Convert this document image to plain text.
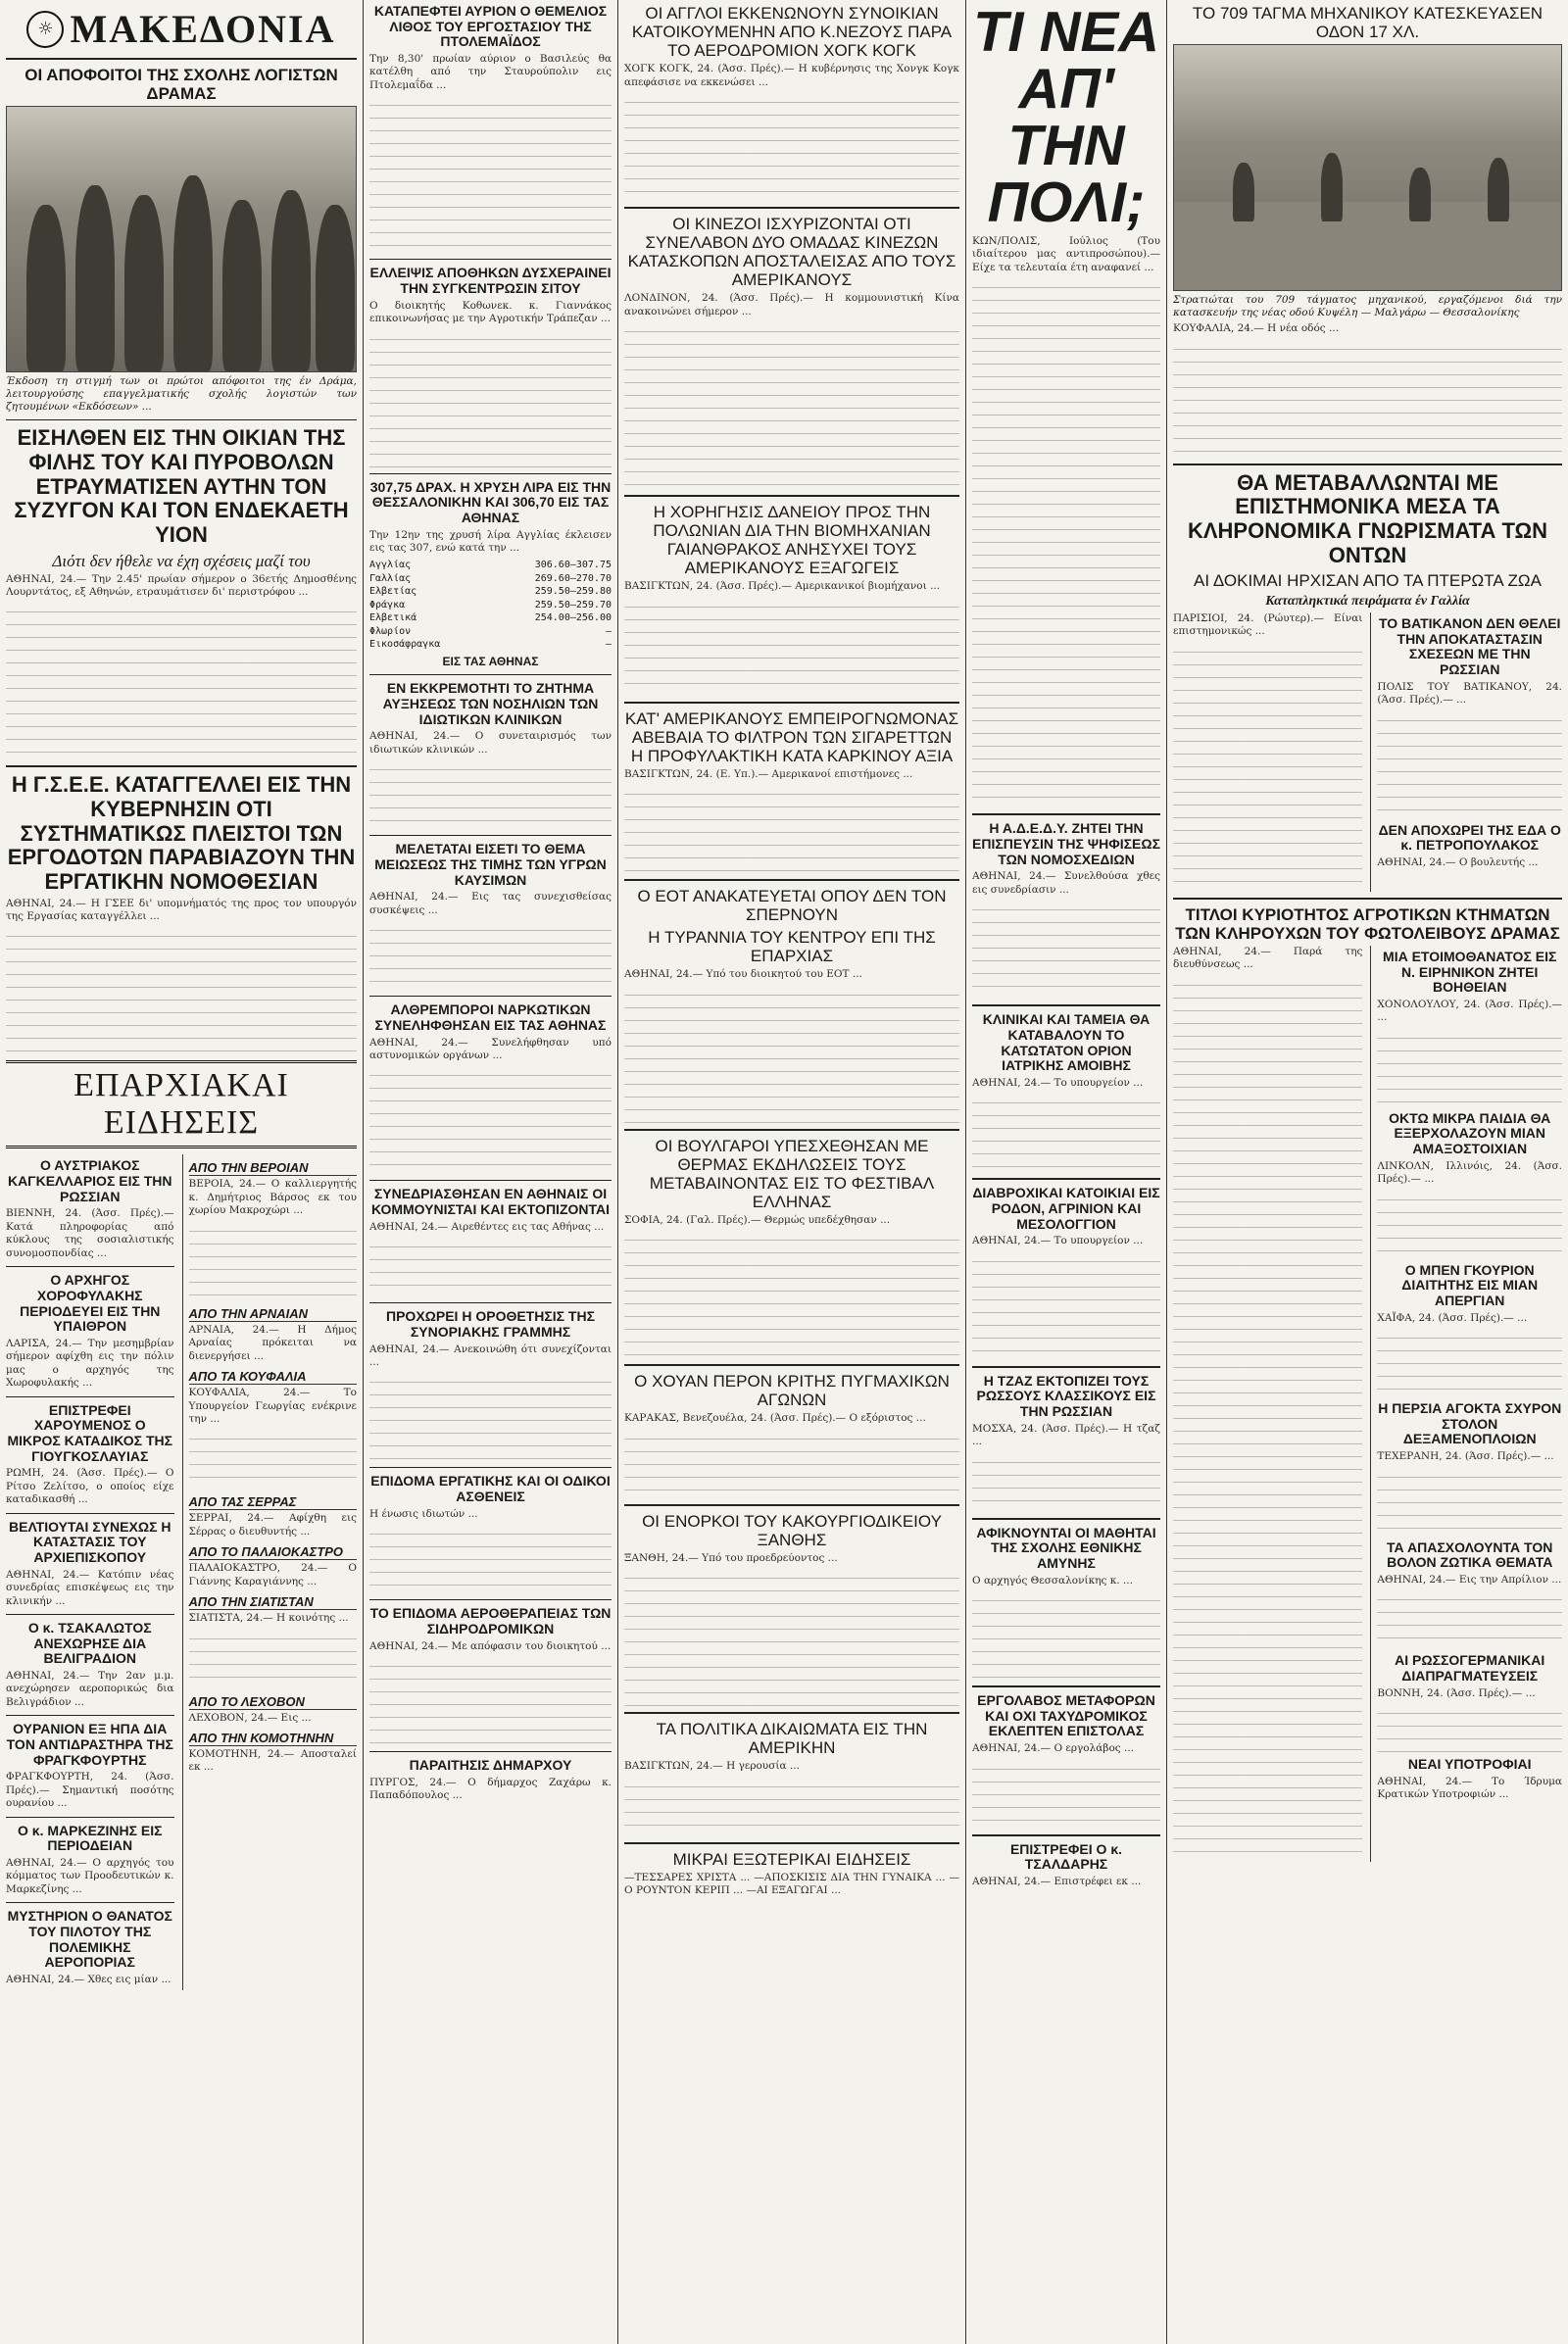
☼ ΜΑΚΕΔΟΝΙΑ
ΟΙ ΑΠΟΦΟΙΤΟΙ ΤΗΣ ΣΧΟΛΗΣ ΛΟΓΙΣΤΩΝ ΔΡΑΜΑΣ

Έκδοση τη στιγμή των οι πρώτοι απόφοιτοι της έν Δράμα, λειτουργούσης επαγγελματικής σχολής λογιστών των ζητουμένων «Εκδόσεων» ...

ΕΙΣΗΛΘΕΝ ΕΙΣ ΤΗΝ ΟΙΚΙΑΝ ΤΗΣ ΦΙΛΗΣ ΤΟΥ ΚΑΙ ΠΥΡΟΒΟΛΩΝ ΕΤΡΑΥΜΑΤΙΣΕΝ ΑΥΤΗΝ ΤΟΝ ΣΥΖΥΓΟΝ ΚΑΙ ΤΟΝ ΕΝΔΕΚΑΕΤΗ ΥΙΟΝ
Διότι δεν ήθελε να έχη σχέσεις μαζί του

ΑΘΗΝΑΙ, 24.— Την 2.45' πρωίαν σήμερον ο 36ετής Δημοσθένης Λουρντάτος, εξ Αθηνών, ετραυμάτισεν δι' περιστρόφου ...

Η Γ.Σ.Ε.Ε. ΚΑΤΑΓΓΕΛΛΕΙ ΕΙΣ ΤΗΝ ΚΥΒΕΡΝΗΣΙΝ ΟΤΙ ΣΥΣΤΗΜΑΤΙΚΩΣ ΠΛΕΙΣΤΟΙ ΤΩΝ ΕΡΓΟΔΟΤΩΝ ΠΑΡΑΒΙΑΖΟΥΝ ΤΗΝ ΕΡΓΑΤΙΚΗΝ ΝΟΜΟΘΕΣΙΑΝ

ΑΘΗΝΑΙ, 24.— Η ΓΣΕΕ δι' υπομνήματός της προς τον υπουργόν της Εργασίας καταγγέλλει ...

ΕΠΑΡΧΙΑΚΑΙ ΕΙΔΗΣΕΙΣ
Ο ΑΥΣΤΡΙΑΚΟΣ ΚΑΓΚΕΛΛΑΡΙΟΣ ΕΙΣ ΤΗΝ ΡΩΣΣΙΑΝ

ΒΙΕΝΝΗ, 24. (Άσσ. Πρές).— Κατά πληροφορίας από κύκλους της σοσιαλιστικής συνομοσπονδίας ...

Ο ΑΡΧΗΓΟΣ ΧΟΡΟΦΥΛΑΚΗΣ ΠΕΡΙΟΔΕΥΕΙ ΕΙΣ ΤΗΝ ΥΠΑΙΘΡΟΝ

ΛΑΡΙΣΑ, 24.— Την μεσημβρίαν σήμερον αφίχθη εις την πόλιν μας ο αρχηγός της Χωροφυλακής ...

ΕΠΙΣΤΡΕΦΕΙ ΧΑΡΟΥΜΕΝΟΣ Ο ΜΙΚΡΟΣ ΚΑΤΑΔΙΚΟΣ ΤΗΣ ΓΙΟΥΓΚΟΣΛΑΥΙΑΣ

ΡΩΜΗ, 24. (Άσσ. Πρές).— Ο Ρίτσο Ζελίτσο, ο οποίος είχε καταδικασθή ...

ΒΕΛΤΙΟΥΤΑΙ ΣΥΝΕΧΩΣ Η ΚΑΤΑΣΤΑΣΙΣ ΤΟΥ ΑΡΧΙΕΠΙΣΚΟΠΟΥ

ΑΘΗΝΑΙ, 24.— Κατόπιν νέας συνεδρίας επισκέψεως εις την κλινικήν ...

Ο κ. ΤΣΑΚΑΛΩΤΟΣ ΑΝΕΧΩΡΗΣΕ ΔΙΑ ΒΕΛΙΓΡΑΔΙΟΝ

ΑΘΗΝΑΙ, 24.— Την 2αν μ.μ. ανεχώρησεν αεροπορικώς δια Βελιγράδιον ...

ΟΥΡΑΝΙΟΝ ΕΞ ΗΠΑ ΔΙΑ ΤΟΝ ΑΝΤΙΔΡΑΣΤΗΡΑ ΤΗΣ ΦΡΑΓΚΦΟΥΡΤΗΣ

ΦΡΑΓΚΦΟΥΡΤΗ, 24. (Άσσ. Πρές).— Σημαντική ποσότης ουρανίου ...

Ο κ. ΜΑΡΚΕΖΙΝΗΣ ΕΙΣ ΠΕΡΙΟΔΕΙΑΝ

ΑΘΗΝΑΙ, 24.— Ο αρχηγός του κόμματος των Προοδευτικών κ. Μαρκεζίνης ...

ΜΥΣΤΗΡΙΟΝ Ο ΘΑΝΑΤΟΣ ΤΟΥ ΠΙΛΟΤΟΥ ΤΗΣ ΠΟΛΕΜΙΚΗΣ ΑΕΡΟΠΟΡΙΑΣ

ΑΘΗΝΑΙ, 24.— Χθες εις μίαν ...

ΑΠΟ ΤΗΝ ΒΕΡΟΙΑΝ

ΒΕΡΟΙΑ, 24.— Ο καλλιεργητής κ. Δημήτριος Βάρσος εκ του χωρίου Μακροχώρι ...

ΑΠΟ ΤΗΝ ΑΡΝΑΙΑΝ

ΑΡΝΑΙΑ, 24.— Η Δήμος Αρναίας πρόκειται να διενεργήσει ...

ΑΠΟ ΤΑ ΚΟΥΦΑΛΙΑ

ΚΟΥΦΑΛΙΑ, 24.— Το Υπουργείον Γεωργίας ενέκρινε την ...

ΑΠΟ ΤΑΣ ΣΕΡΡΑΣ

ΣΕΡΡΑΙ, 24.— Αφίχθη εις Σέρρας ο διευθυντής ...

ΑΠΟ ΤΟ ΠΑΛΑΙΟΚΑΣΤΡΟ

ΠΑΛΑΙΟΚΑΣΤΡΟ, 24.— Ο Γιάννης Καραγιάννης ...

ΑΠΟ ΤΗΝ ΣΙΑΤΙΣΤΑΝ

ΣΙΑΤΙΣΤΑ, 24.— Η κοινότης ...

ΑΠΟ ΤΟ ΛΕΧΟΒΟΝ

ΛΕΧΟΒΟΝ, 24.— Εις ...

ΑΠΟ ΤΗΝ ΚΟΜΟΤΗΝΗΝ

ΚΟΜΟΤΗΝΗ, 24.— Αποσταλεί εκ ...

ΚΑΤΑΠΕΦΤΕΙ ΑΥΡΙΟΝ Ο ΘΕΜΕΛΙΟΣ ΛΙΘΟΣ ΤΟΥ ΕΡΓΟΣΤΑΣΙΟΥ ΤΗΣ ΠΤΟΛΕΜΑΪΔΟΣ

Την 8,30' πρωίαν αύριον ο Βασιλεύς θα κατέλθη από την Σταυρούπολιν εις Πτολεμαΐδα ...

ΕΛΛΕΙΨΙΣ ΑΠΟΘΗΚΩΝ ΔΥΣΧΕΡΑΙΝΕΙ ΤΗΝ ΣΥΓΚΕΝΤΡΩΣΙΝ ΣΙΤΟΥ

Ο διοικητής Κοθωνεκ. κ. Γιαννάκος επικοινωνήσας με την Αγροτικήν Τράπεζαν ...

307,75 ΔΡΑΧ. Η ΧΡΥΣΗ ΛΙΡΑ ΕΙΣ ΤΗΝ ΘΕΣΣΑΛΟΝΙΚΗΝ ΚΑΙ 306,70 ΕΙΣ ΤΑΣ ΑΘΗΝΑΣ

Την 12ην της χρυσή λίρα Αγγλίας έκλεισεν εις τας 307, ενώ κατά την ...

Αγγλίας	306.60—307.75
Γαλλίας	269.60—270.70
Ελβετίας	259.50—259.80
Φράγκα	259.50—259.70
Ελβετικά	254.00—256.00
Φλωρίον	—
Εικοσάφραγκα	—
ΕΙΣ ΤΑΣ ΑΘΗΝΑΣ
ΕΝ ΕΚΚΡΕΜΟΤΗΤΙ ΤΟ ΖΗΤΗΜΑ ΑΥΞΗΣΕΩΣ ΤΩΝ ΝΟΣΗΛΙΩΝ ΤΩΝ ΙΔΙΩΤΙΚΩΝ ΚΛΙΝΙΚΩΝ

ΑΘΗΝΑΙ, 24.— Ο συνεταιρισμός των ιδιωτικών κλινικών ...

ΜΕΛΕΤΑΤΑΙ ΕΙΣΕΤΙ ΤΟ ΘΕΜΑ ΜΕΙΩΣΕΩΣ ΤΗΣ ΤΙΜΗΣ ΤΩΝ ΥΓΡΩΝ ΚΑΥΣΙΜΩΝ

ΑΘΗΝΑΙ, 24.— Εις τας συνεχισθείσας συσκέψεις ...

ΑΛΘΡΕΜΠΟΡΟΙ ΝΑΡΚΩΤΙΚΩΝ ΣΥΝΕΛΗΦΘΗΣΑΝ ΕΙΣ ΤΑΣ ΑΘΗΝΑΣ

ΑΘΗΝΑΙ, 24.— Συνελήφθησαν υπό αστυνομικών οργάνων ...

ΣΥΝΕΔΡΙΑΣΘΗΣΑΝ ΕΝ ΑΘΗΝΑΙΣ ΟΙ ΚΟΜΜΟΥΝΙΣΤΑΙ ΚΑΙ ΕΚΤΟΠΙΖΟΝΤΑΙ

ΑΘΗΝΑΙ, 24.— Αιρεθέντες εις τας Αθήνας ...

ΠΡΟΧΩΡΕΙ Η ΟΡΟΘΕΤΗΣΙΣ ΤΗΣ ΣΥΝΟΡΙΑΚΗΣ ΓΡΑΜΜΗΣ

ΑΘΗΝΑΙ, 24.— Ανεκοινώθη ότι συνεχίζονται ...

ΕΠΙΔΟΜΑ ΕΡΓΑΤΙΚΗΣ ΚΑΙ ΟΙ ΟΔΙΚΟΙ ΑΣΘΕΝΕΙΣ

Η ένωσις ιδιωτών ...

ΤΟ ΕΠΙΔΟΜΑ ΑΕΡΟΘΕΡΑΠΕΙΑΣ ΤΩΝ ΣΙΔΗΡΟΔΡΟΜΙΚΩΝ

ΑΘΗΝΑΙ, 24.— Με απόφασιν του διοικητού ...

ΠΑΡΑΙΤΗΣΙΣ ΔΗΜΑΡΧΟΥ

ΠΥΡΓΟΣ, 24.— Ο δήμαρχος Ζαχάρω κ. Παπαδόπουλος ...

ΟΙ ΑΓΓΛΟΙ ΕΚΚΕΝΩΝΟΥΝ ΣΥΝΟΙΚΙΑΝ ΚΑΤΟΙΚΟΥΜΕΝΗΝ ΑΠΟ Κ.ΝΕΖΟΥΣ ΠΑΡΑ ΤΟ ΑΕΡΟΔΡΟΜΙΟΝ ΧΟΓΚ ΚΟΓΚ

ΧΟΓΚ ΚΟΓΚ, 24. (Άσσ. Πρές).— Η κυβέρνησις της Χονγκ Κογκ απεφάσισε να εκκενώσει ...

ΟΙ ΚΙΝΕΖΟΙ ΙΣΧΥΡΙΖΟΝΤΑΙ ΟΤΙ ΣΥΝΕΛΑΒΟΝ ΔΥΟ ΟΜΑΔΑΣ ΚΙΝΕΖΩΝ ΚΑΤΑΣΚΟΠΩΝ ΑΠΟΣΤΑΛΕΙΣΑΣ ΑΠΟ ΤΟΥΣ ΑΜΕΡΙΚΑΝΟΥΣ

ΛΟΝΔΙΝΟΝ, 24. (Άσσ. Πρές).— Η κομμουνιστική Κίνα ανακοινώνει σήμερον ...

Η ΧΟΡΗΓΗΣΙΣ ΔΑΝΕΙΟΥ ΠΡΟΣ ΤΗΝ ΠΟΛΩΝΙΑΝ ΔΙΑ ΤΗΝ ΒΙΟΜΗΧΑΝΙΑΝ ΓΑΙΑΝΘΡΑΚΟΣ ΑΝΗΣΥΧΕΙ ΤΟΥΣ ΑΜΕΡΙΚΑΝΟΥΣ ΕΞΑΓΩΓΕΙΣ

ΒΑΣΙΓΚΤΩΝ, 24. (Άσσ. Πρές).— Αμερικανικοί βιομήχανοι ...

ΚΑΤ' ΑΜΕΡΙΚΑΝΟΥΣ ΕΜΠΕΙΡΟΓΝΩΜΟΝΑΣ ΑΒΕΒΑΙΑ ΤΟ ΦΙΛΤΡΟΝ ΤΩΝ ΣΙΓΑΡΕΤΤΩΝ Η ΠΡΟΦΥΛΑΚΤΙΚΗ ΚΑΤΑ ΚΑΡΚΙΝΟΥ ΑΞΙΑ

ΒΑΣΙΓΚΤΩΝ, 24. (Ε. Υπ.).— Αμερικανοί επιστήμονες ...

Ο ΕΟΤ ΑΝΑΚΑΤΕΥΕΤΑΙ ΟΠΟΥ ΔΕΝ ΤΟΝ ΣΠΕΡΝΟΥΝ
Η ΤΥΡΑΝΝΙΑ ΤΟΥ ΚΕΝΤΡΟΥ ΕΠΙ ΤΗΣ ΕΠΑΡΧΙΑΣ

ΑΘΗΝΑΙ, 24.— Υπό του διοικητού του ΕΟΤ ...

ΟΙ ΒΟΥΛΓΑΡΟΙ ΥΠΕΣΧΕΘΗΣΑΝ ΜΕ ΘΕΡΜΑΣ ΕΚΔΗΛΩΣΕΙΣ ΤΟΥΣ ΜΕΤΑΒΑΙΝΟΝΤΑΣ ΕΙΣ ΤΟ ΦΕΣΤΙΒΑΛ ΕΛΛΗΝΑΣ

ΣΟΦΙΑ, 24. (Γαλ. Πρές).— Θερμώς υπεδέχθησαν ...

Ο ΧΟΥΑΝ ΠΕΡΟΝ ΚΡΙΤΗΣ ΠΥΓΜΑΧΙΚΩΝ ΑΓΩΝΩΝ

ΚΑΡΑΚΑΣ, Βενεζουέλα, 24. (Άσσ. Πρές).— Ο εξόριστος ...

ΟΙ ΕΝΟΡΚΟΙ ΤΟΥ ΚΑΚΟΥΡΓΙΟΔΙΚΕΙΟΥ ΞΑΝΘΗΣ

ΞΑΝΘΗ, 24.— Υπό του προεδρεύοντος ...

ΤΑ ΠΟΛΙΤΙΚΑ ΔΙΚΑΙΩΜΑΤΑ ΕΙΣ ΤΗΝ ΑΜΕΡΙΚΗΝ

ΒΑΣΙΓΚΤΩΝ, 24.— Η γερουσία ...

ΜΙΚΡΑΙ ΕΞΩΤΕΡΙΚΑΙ ΕΙΔΗΣΕΙΣ

—ΤΕΣΣΑΡΕΣ ΧΡΙΣΤΑ ... —ΑΠΟΣΚΙΣΙΣ ΔΙΑ ΤΗΝ ΓΥΝΑΙΚΑ ... —Ο ΡΟΥΝΤΟΝ ΚΕΡΙΠ ... —ΑΙ ΕΞΑΓΩΓΑΙ ...

ΤΙ ΝΕΑ ΑΠ' ΤΗΝ ΠΟΛΙ;

ΚΩΝ/ΠΟΛΙΣ, Ιούλιος (Του ιδιαίτερου μας αντιπροσώπου).— Είχε τα τελευταία έτη αναφανεί ...

Η Α.Δ.Ε.Δ.Υ. ΖΗΤΕΙ ΤΗΝ ΕΠΙΣΠΕΥΣΙΝ ΤΗΣ ΨΗΦΙΣΕΩΣ ΤΩΝ ΝΟΜΟΣΧΕΔΙΩΝ

ΑΘΗΝΑΙ, 24.— Συνελθούσα χθες εις συνεδρίασιν ...

ΚΛΙΝΙΚΑΙ ΚΑΙ ΤΑΜΕΙΑ ΘΑ ΚΑΤΑΒΑΛΟΥΝ ΤΟ ΚΑΤΩΤΑΤΟΝ ΟΡΙΟΝ ΙΑΤΡΙΚΗΣ ΑΜΟΙΒΗΣ

ΑΘΗΝΑΙ, 24.— Το υπουργείον ...

ΔΙΑΒΡΟΧΙΚΑΙ ΚΑΤΟΙΚΙΑΙ ΕΙΣ ΡΟΔΟΝ, ΑΓΡΙΝΙΟΝ ΚΑΙ ΜΕΣΟΛΟΓΓΙΟΝ

ΑΘΗΝΑΙ, 24.— Το υπουργείον ...

Η ΤΖΑΖ ΕΚΤΟΠΙΖΕΙ ΤΟΥΣ ΡΩΣΣΟΥΣ ΚΛΑΣΣΙΚΟΥΣ ΕΙΣ ΤΗΝ ΡΩΣΣΙΑΝ

ΜΟΣΧΑ, 24. (Άσσ. Πρές).— Η τζαζ ...

ΑΦΙΚΝΟΥΝΤΑΙ ΟΙ ΜΑΘΗΤΑΙ ΤΗΣ ΣΧΟΛΗΣ ΕΘΝΙΚΗΣ ΑΜΥΝΗΣ

Ο αρχηγός Θεσσαλονίκης κ. ...

ΕΡΓΟΛΑΒΟΣ ΜΕΤΑΦΟΡΩΝ ΚΑΙ ΟΧΙ ΤΑΧΥΔΡΟΜΙΚΟΣ ΕΚΛΕΠΤΕΝ ΕΠΙΣΤΟΛΑΣ

ΑΘΗΝΑΙ, 24.— Ο εργολάβος ...

ΕΠΙΣΤΡΕΦΕΙ Ο κ. ΤΣΑΛΔΑΡΗΣ

ΑΘΗΝΑΙ, 24.— Επιστρέφει εκ ...

ΤΟ 709 ΤΑΓΜΑ ΜΗΧΑΝΙΚΟΥ ΚΑΤΕΣΚΕΥΑΣΕΝ ΟΔΟΝ 17 ΧΛ.

Στρατιώται του 709 τάγματος μηχανικού, εργαζόμενοι διά την κατασκευήν της νέας οδού Κυψέλη — Μαλγάρω — Θεσσαλονίκης

ΚΟΥΦΑΛΙΑ, 24.— Η νέα οδός ...

ΘΑ ΜΕΤΑΒΑΛΛΩΝΤΑΙ ΜΕ ΕΠΙΣΤΗΜΟΝΙΚΑ ΜΕΣΑ ΤΑ ΚΛΗΡΟΝΟΜΙΚΑ ΓΝΩΡΙΣΜΑΤΑ ΤΩΝ ΟΝΤΩΝ
ΑΙ ΔΟΚΙΜΑΙ ΗΡΧΙΣΑΝ ΑΠΟ ΤΑ ΠΤΕΡΩΤΑ ΖΩΑ
Καταπληκτικά πειράματα έν Γαλλία

ΠΑΡΙΣΙΟΙ, 24. (Ρώυτερ).— Είναι επιστημονικώς ...

ΤΟ ΒΑΤΙΚΑΝΟΝ ΔΕΝ ΘΕΛΕΙ ΤΗΝ ΑΠΟΚΑΤΑΣΤΑΣΙΝ ΣΧΕΣΕΩΝ ΜΕ ΤΗΝ ΡΩΣΣΙΑΝ

ΠΟΛΙΣ ΤΟΥ ΒΑΤΙΚΑΝΟΥ, 24. (Άσσ. Πρές).— ...

ΔΕΝ ΑΠΟΧΩΡΕΙ ΤΗΣ ΕΔΑ Ο κ. ΠΕΤΡΟΠΟΥΛΑΚΟΣ

ΑΘΗΝΑΙ, 24.— Ο βουλευτής ...

ΤΙΤΛΟΙ ΚΥΡΙΟΤΗΤΟΣ ΑΓΡΟΤΙΚΩΝ ΚΤΗΜΑΤΩΝ ΤΩΝ ΚΛΗΡΟΥΧΩΝ ΤΟΥ ΦΩΤΟΛΕΙΒΟΥΣ ΔΡΑΜΑΣ

ΑΘΗΝΑΙ, 24.— Παρά της διευθύνσεως ...

ΜΙΑ ΕΤΟΙΜΟΘΑΝΑΤΟΣ ΕΙΣ Ν. ΕΙΡΗΝΙΚΟΝ ΖΗΤΕΙ ΒΟΗΘΕΙΑΝ

ΧΟΝΟΛΟΥΛΟΥ, 24. (Άσσ. Πρές).— ...

ΟΚΤΩ ΜΙΚΡΑ ΠΑΙΔΙΑ ΘΑ ΕΞΕΡΧΟΛΑΖΟΥΝ ΜΙΑΝ ΑΜΑΞΟΣΤΟΙΧΙΑΝ

ΛΙΝΚΟΛΝ, Ιλλινόις, 24. (Άσσ. Πρές).— ...

Ο ΜΠΕΝ ΓΚΟΥΡΙΟΝ ΔΙΑΙΤΗΤΗΣ ΕΙΣ ΜΙΑΝ ΑΠΕΡΓΙΑΝ

ΧΑΪΦΑ, 24. (Άσσ. Πρές).— ...

Η ΠΕΡΣΙΑ ΑΓΟΚΤΑ ΣΧΥΡΟΝ ΣΤΟΛΟΝ ΔΕΞΑΜΕΝΟΠΛΟΙΩΝ

ΤΕΧΕΡΑΝΗ, 24. (Άσσ. Πρές).— ...

ΤΑ ΑΠΑΣΧΟΛΟΥΝΤΑ ΤΟΝ ΒΟΛΟΝ ΖΩΤΙΚΑ ΘΕΜΑΤΑ

ΑΘΗΝΑΙ, 24.— Εις την Απρίλιον ...

ΑΙ ΡΩΣΣΟΓΕΡΜΑΝΙΚΑΙ ΔΙΑΠΡΑΓΜΑΤΕΥΣΕΙΣ

ΒΟΝΝΗ, 24. (Άσσ. Πρές).— ...

ΝΕΑΙ ΥΠΟΤΡΟΦΙΑΙ

ΑΘΗΝΑΙ, 24.— Το Ίδρυμα Κρατικών Υποτροφιών ...
